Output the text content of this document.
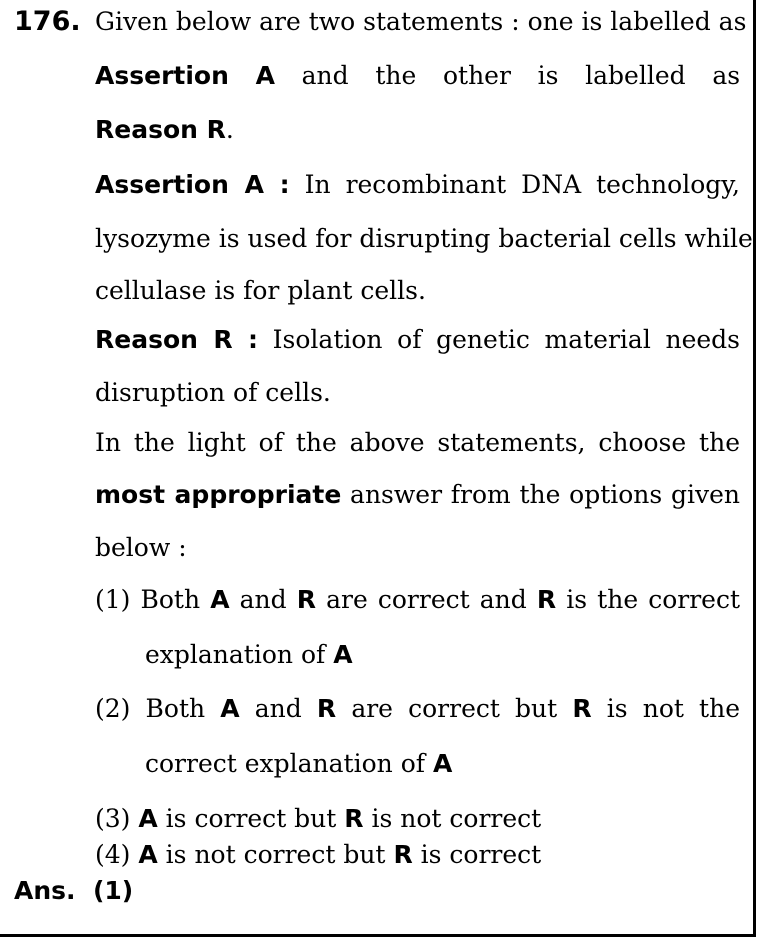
176. Given below are two statements : one is labelled as
Assertion A and the other is labelled as
Reason R.
Assertion A : In recombinant DNA technology,
lysozyme is used for disrupting bacterial cells while
cellulase is for plant cells.
Reason R : Isolation of genetic material needs
disruption of cells.
In the light of the above statements, choose the
most appropriate answer from the options given
below :
(1) Both A and R are correct and R is the correct
explanation of A
(2) Both A and R are correct but R is not the
correct explanation of A
(3) A is correct but R is not correct
(4) A is not correct but R is correct
Ans. (1)
